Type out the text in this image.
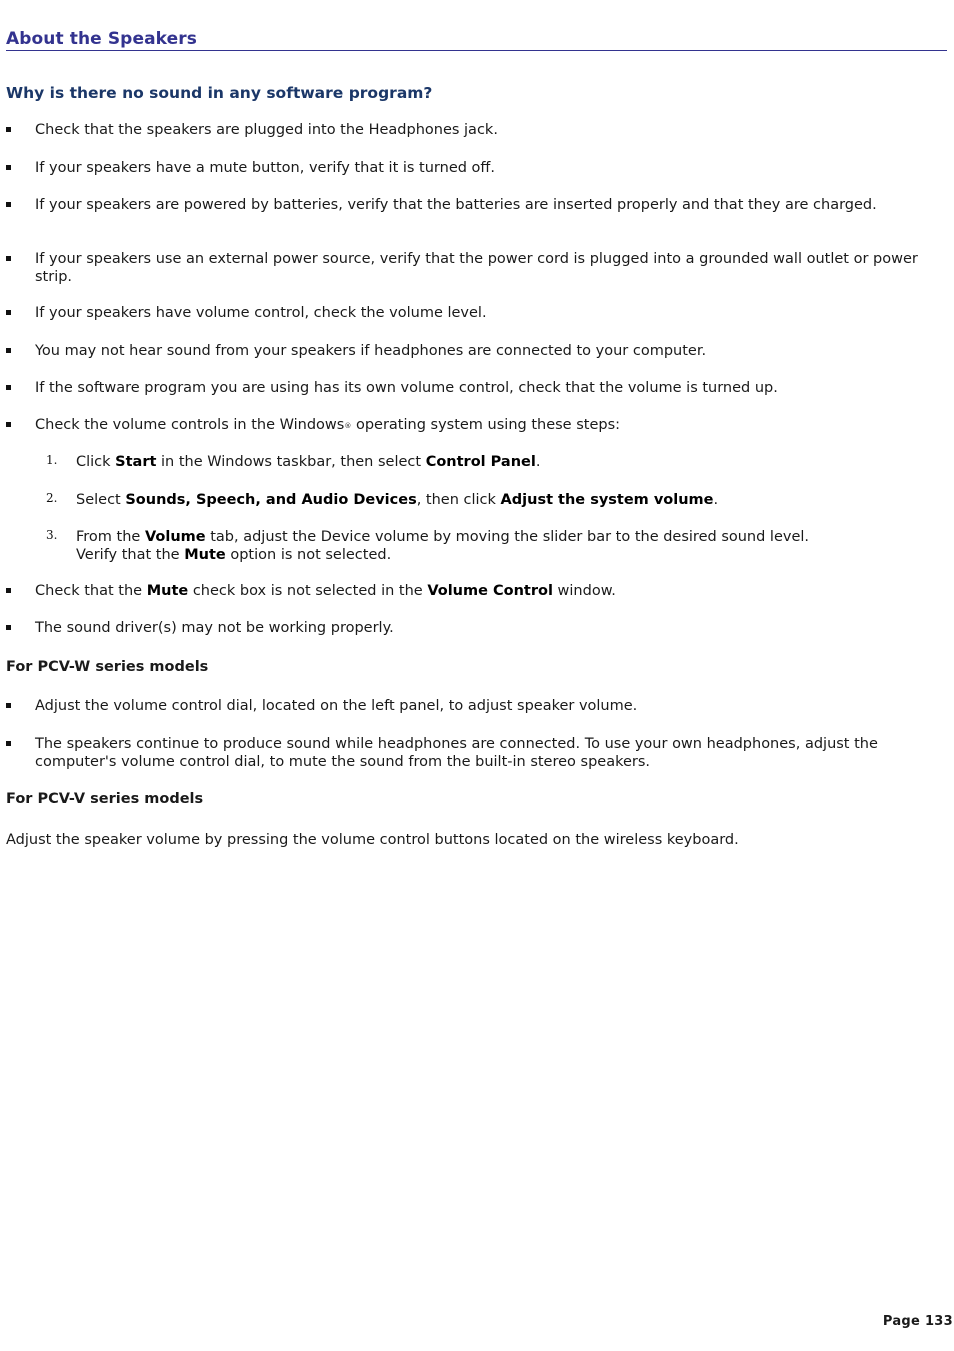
About the Speakers
Why is there no sound in any software program?
Check that the speakers are plugged into the Headphones jack.
If your speakers have a mute button, verify that it is turned off.
If your speakers are powered by batteries, verify that the batteries are inserted properly and that they are charged.
If your speakers use an external power source, verify that the power cord is plugged into a grounded wall outlet or power strip.
If your speakers have volume control, check the volume level.
You may not hear sound from your speakers if headphones are connected to your computer.
If the software program you are using has its own volume control, check that the volume is turned up.
Check the volume controls in the Windows® operating system using these steps:
1. Click Start in the Windows taskbar, then select Control Panel.
2. Select Sounds, Speech, and Audio Devices, then click Adjust the system volume.
3. From the Volume tab, adjust the Device volume by moving the slider bar to the desired sound level.
Verify that the Mute option is not selected.
Check that the Mute check box is not selected in the Volume Control window.
The sound driver(s) may not be working properly.
For PCV-W series models
Adjust the volume control dial, located on the left panel, to adjust speaker volume.
The speakers continue to produce sound while headphones are connected. To use your own headphones, adjust the computer's volume control dial, to mute the sound from the built-in stereo speakers.
For PCV-V series models

Adjust the speaker volume by pressing the volume control buttons located on the wireless keyboard.

Page 133
